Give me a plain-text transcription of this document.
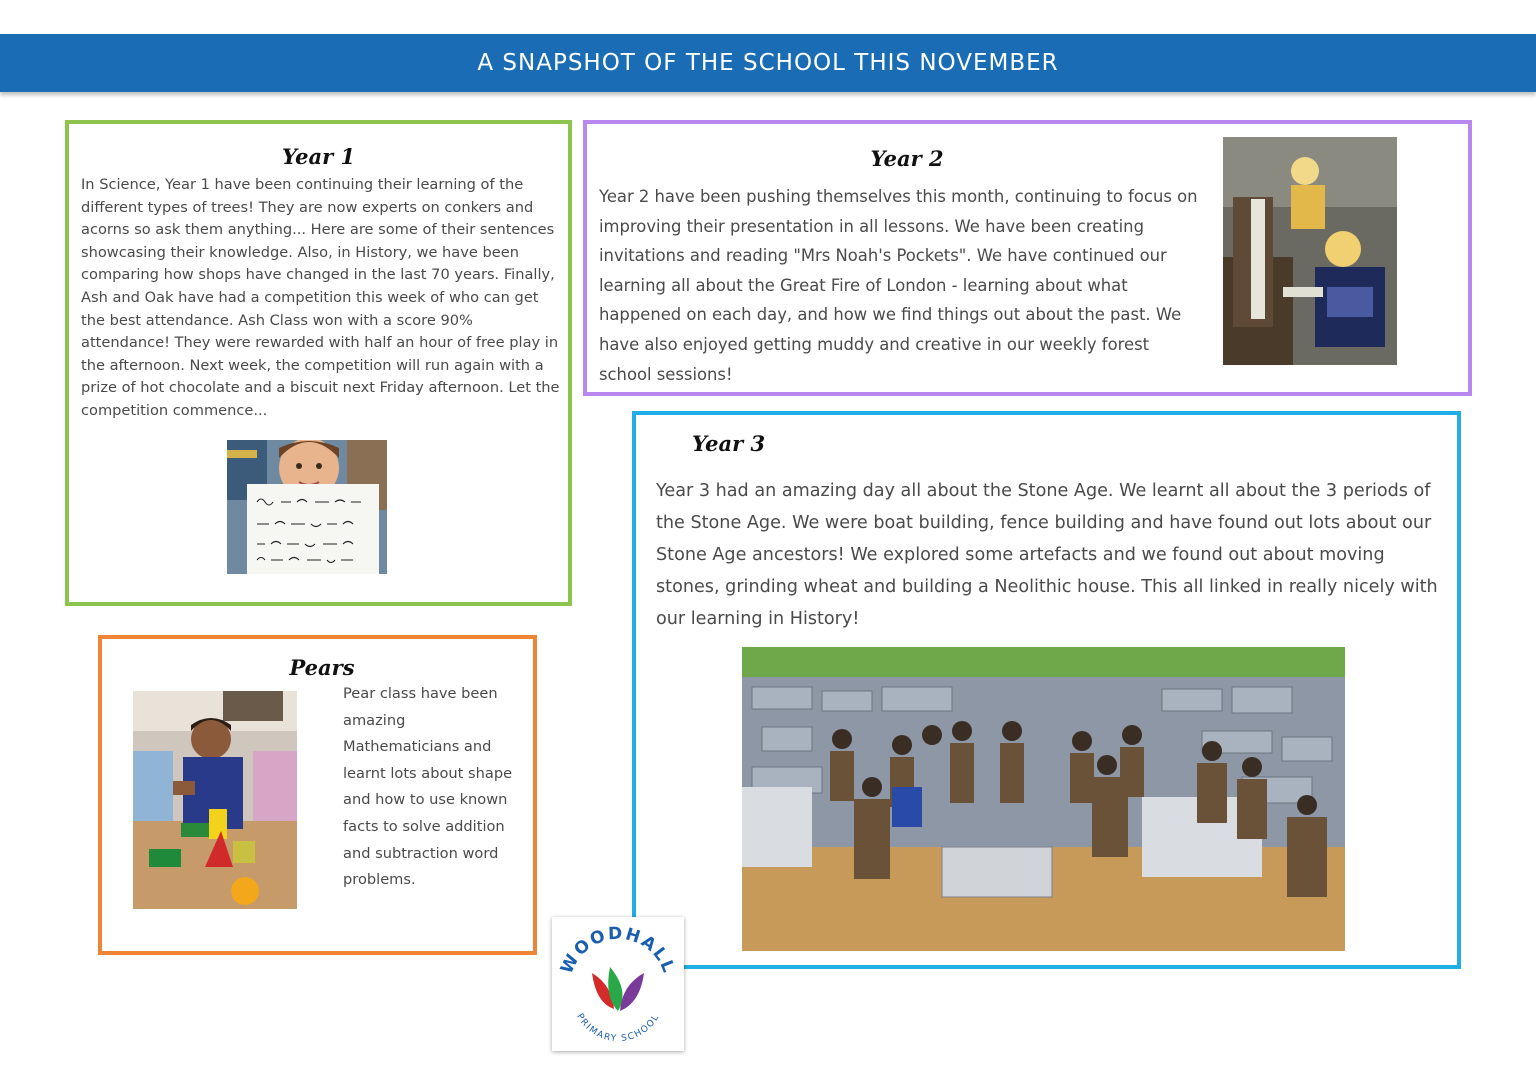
A SNAPSHOT OF THE SCHOOL THIS NOVEMBER
Year 1

In Science, Year 1 have been continuing their learning of the different types of trees! They are now experts on conkers and acorns so ask them anything... Here are some of their sentences showcasing their knowledge. Also, in History, we have been comparing how shops have changed in the last 70 years. Finally, Ash and Oak have had a competition this week of who can get the best attendance. Ash Class won with a score 90% attendance! They were rewarded with half an hour of free play in the afternoon. Next week, the competition will run again with a prize of hot chocolate and a biscuit next Friday afternoon. Let the competition commence...

Year 2

Year 2 have been pushing themselves this month, continuing to focus on improving their presentation in all lessons. We have been creating invitations and reading "Mrs Noah's Pockets". We have continued our learning all about the Great Fire of London - learning about what happened on each day, and how we find things out about the past. We have also enjoyed getting muddy and creative in our weekly forest school sessions!

Year 3

Year 3 had an amazing day all about the Stone Age. We learnt all about the 3 periods of the Stone Age. We were boat building, fence building and have found out lots about our Stone Age ancestors! We explored some artefacts and we found out about moving stones, grinding wheat and building a Neolithic house. This all linked in really nicely with our learning in History!

Pears

Pear class have been amazing Mathematicians and learnt lots about shape and how to use known facts to solve addition and subtraction word problems.

WOODHALL
PRIMARY SCHOOL
